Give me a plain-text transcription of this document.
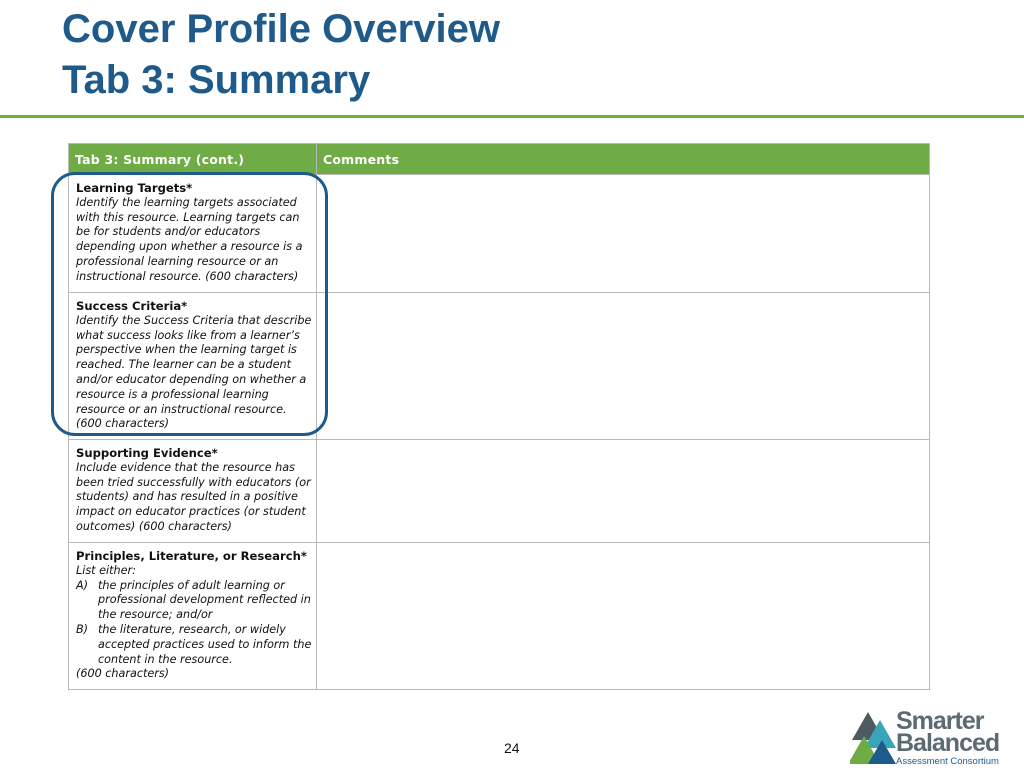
Cover Profile Overview
Tab 3: Summary
Tab 3: Summary (cont.)	Comments

Learning Targets*
Identify the learning targets associated with this resource. Learning targets can be for students and/or educators depending upon whether a resource is a professional learning resource or an instructional resource. (600 characters)	

Success Criteria*
Identify the Success Criteria that describe what success looks like from a learner’s perspective when the learning target is reached. The learner can be a student and/or educator depending on whether a resource is a professional learning resource or an instructional resource. (600 characters)	

Supporting Evidence*
Include evidence that the resource has been tried successfully with educators (or students) and has resulted in a positive impact on educator practices (or student outcomes) (600 characters)	

Principles, Literature, or Research*
List either:
A) the principles of adult learning or professional development reflected in the resource; and/or
B) the literature, research, or widely accepted practices used to inform the content in the resource.
(600 characters)	

24
Smarter
Balanced
Assessment Consortium
